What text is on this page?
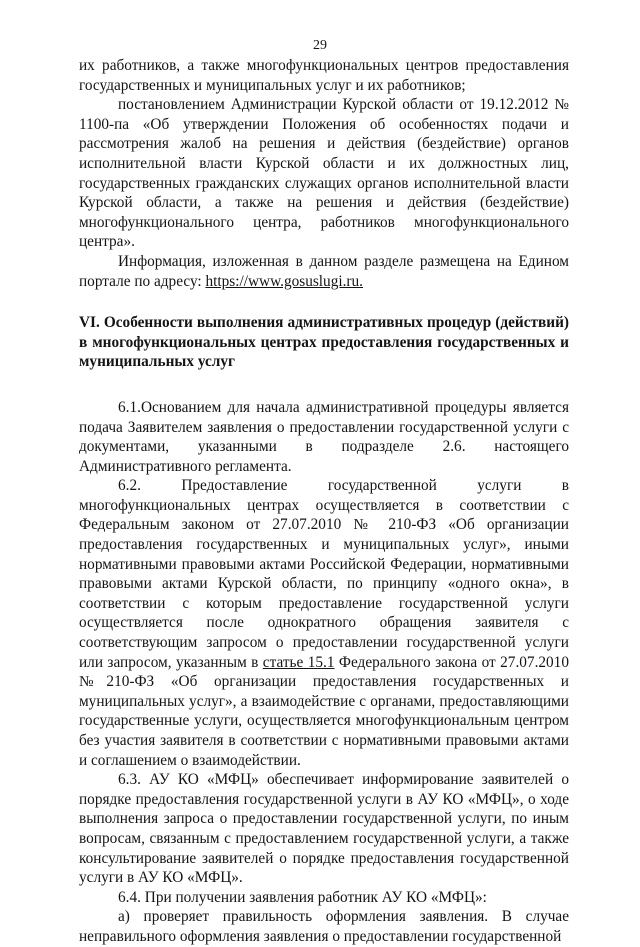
29

их работников, а также многофункциональных центров предоставления государственных и муниципальных услуг и их работников;

постановлением Администрации Курской области от 19.12.2012 № 1100-па «Об утверждении Положения об особенностях подачи и рассмотрения жалоб на решения и действия (бездействие) органов исполнительной власти Курской области и их должностных лиц, государственных гражданских служащих органов исполнительной власти Курской области, а также на решения и действия (бездействие) многофункционального центра, работников многофункционального центра».

Информация, изложенная в данном разделе размещена на Едином портале по адресу: https://www.gosuslugi.ru.

VI. Особенности выполнения административных процедур (действий) в многофункциональных центрах предоставления государственных и муниципальных услуг

6.1.Основанием для начала административной процедуры является подача Заявителем заявления о предоставлении государственной услуги с документами, указанными в подразделе 2.6. настоящего Административного регламента.

6.2. Предоставление государственной услуги в многофункциональных центрах осуществляется в соответствии с Федеральным законом от 27.07.2010 № 210-ФЗ «Об организации предоставления государственных и муниципальных услуг», иными нормативными правовыми актами Российской Федерации, нормативными правовыми актами Курской области, по принципу «одного окна», в соответствии с которым предоставление государственной услуги осуществляется после однократного обращения заявителя с соответствующим запросом о предоставлении государственной услуги или запросом, указанным в статье 15.1 Федерального закона от 27.07.2010 №210-ФЗ «Об организации предоставления государственных и муниципальных услуг», а взаимодействие с органами, предоставляющими государственные услуги, осуществляется многофункциональным центром без участия заявителя в соответствии с нормативными правовыми актами и соглашением о взаимодействии.

6.3. АУ КО «МФЦ» обеспечивает информирование заявителей о порядке предоставления государственной услуги в АУ КО «МФЦ», о ходе выполнения запроса о предоставлении государственной услуги, по иным вопросам, связанным с предоставлением государственной услуги, а также консультирование заявителей о порядке предоставления государственной услуги в АУ КО «МФЦ».

6.4. При получении заявления работник АУ КО «МФЦ»:

а) проверяет правильность оформления заявления. В случае неправильного оформления заявления о предоставлении государственной
